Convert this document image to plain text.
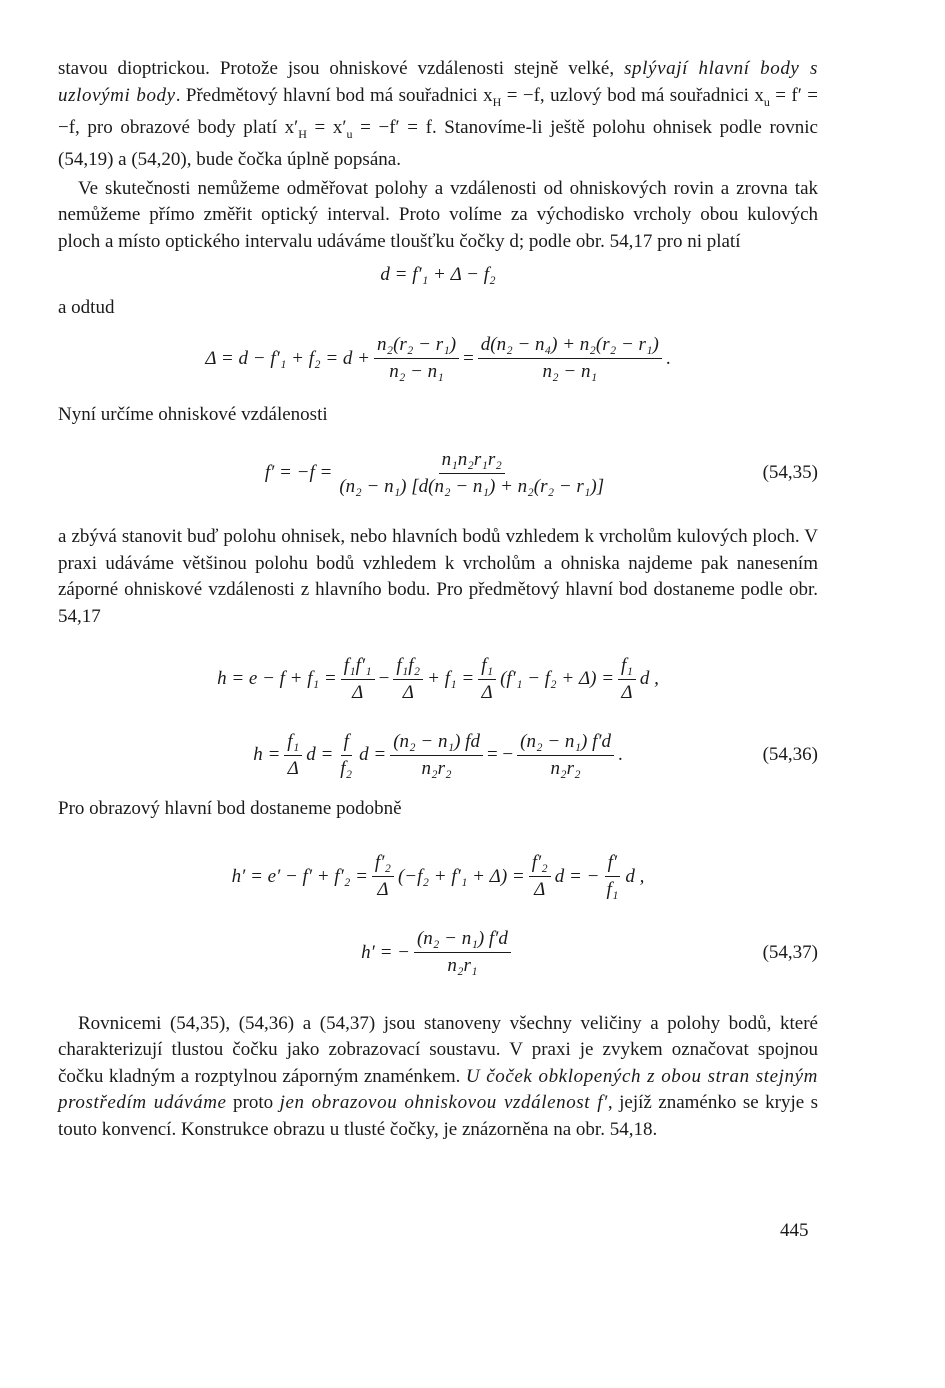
stavou dioptrickou. Protože jsou ohniskové vzdálenosti stejně velké, splývají hlavní body s uzlovými body. Předmětový hlavní bod má souřadnici $x_H = -f$, uzlový bod má souřadnici $x_u = f' = -f$, pro obrazové body platí $x'_H = x'_u = -f' = f$. Stanovíme-li ještě polohu ohnisek podle rovnic (54,19) a (54,20), bude čočka úplně popsána.

Ve skutečnosti nemůžeme odměřovat polohy a vzdálenosti od ohniskových rovin a zrovna tak nemůžeme přímo změřit optický interval. Proto volíme za východisko vrcholy obou kulových ploch a místo optického intervalu udáváme tloušťku čočky d; podle obr. 54,17 pro ni platí

d = f′₁ + Δ − f₂

a odtud

$\Delta = d - f'_1 + f_2 = d + \frac{\text{n₂(r₂ − r₁)}}{\text{n₂ − n₁}} = \frac{\text{d(n₂ − n₄) + n₂(r₂ − r₁)}}{\text{n₂ − n₁}}$ .

Nyní určíme ohniskové vzdálenosti

$f' = -f = \frac{\text{n₁n₂r₁r₂}}{\text{(n₂ − n₁) [d(n₂ − n₁) + n₂(r₂ − r₁)]}}$	(54,35)

a zbývá stanovit buď polohu ohnisek, nebo hlavních bodů vzhledem k vrcholům kulových ploch. V praxi udáváme většinou polohu bodů vzhledem k vrcholům a ohniska najdeme pak nanesením záporné ohniskové vzdálenosti z hlavního bodu. Pro předmětový hlavní bod dostaneme podle obr. 54,17

$h = e - f + f_1 = \frac{\text{f₁f′₁}}{\Delta} - \frac{\text{f₁f₂}}{\Delta} + f_1 = \frac{\text{f₁}}{\Delta} (f'_1 - f_2 + \Delta) = \frac{\text{f₁}}{\Delta}$ d ,
$h = \frac{\text{f₁}}{\Delta}$ $d = \frac{f}{\text{f₂}}$ $d = \frac{\text{(n₂ − n₁) fd}}{\text{n₂r₂}}$ = − $\frac{\text{(n₂ − n₁) f′d}}{\text{n₂r₂}}$ .	(54,36)

Pro obrazový hlavní bod dostaneme podobně

$h' = e' - f' + f'_2 = \frac{\text{f′₂}}{\Delta} (-f_2 + f'_1 + \Delta) = \frac{\text{f′₂}}{\Delta}$ d = − $\frac{f'}{\text{f₁}}$ d ,
h′ = − $\frac{\text{(n₂ − n₁) f′d}}{\text{n₂r₁}}$	(54,37)

Rovnicemi (54,35), (54,36) a (54,37) jsou stanoveny všechny veličiny a polohy bodů, které charakterizují tlustou čočku jako zobrazovací soustavu. V praxi je zvykem označovat spojnou čočku kladným a rozptylnou záporným znaménkem. U čoček obklopených z obou stran stejným prostředím udáváme proto jen obrazovou ohniskovou vzdálenost f′, jejíž znaménko se kryje s touto konvencí. Konstrukce obrazu u tlusté čočky, je znázorněna na obr. 54,18.

445
